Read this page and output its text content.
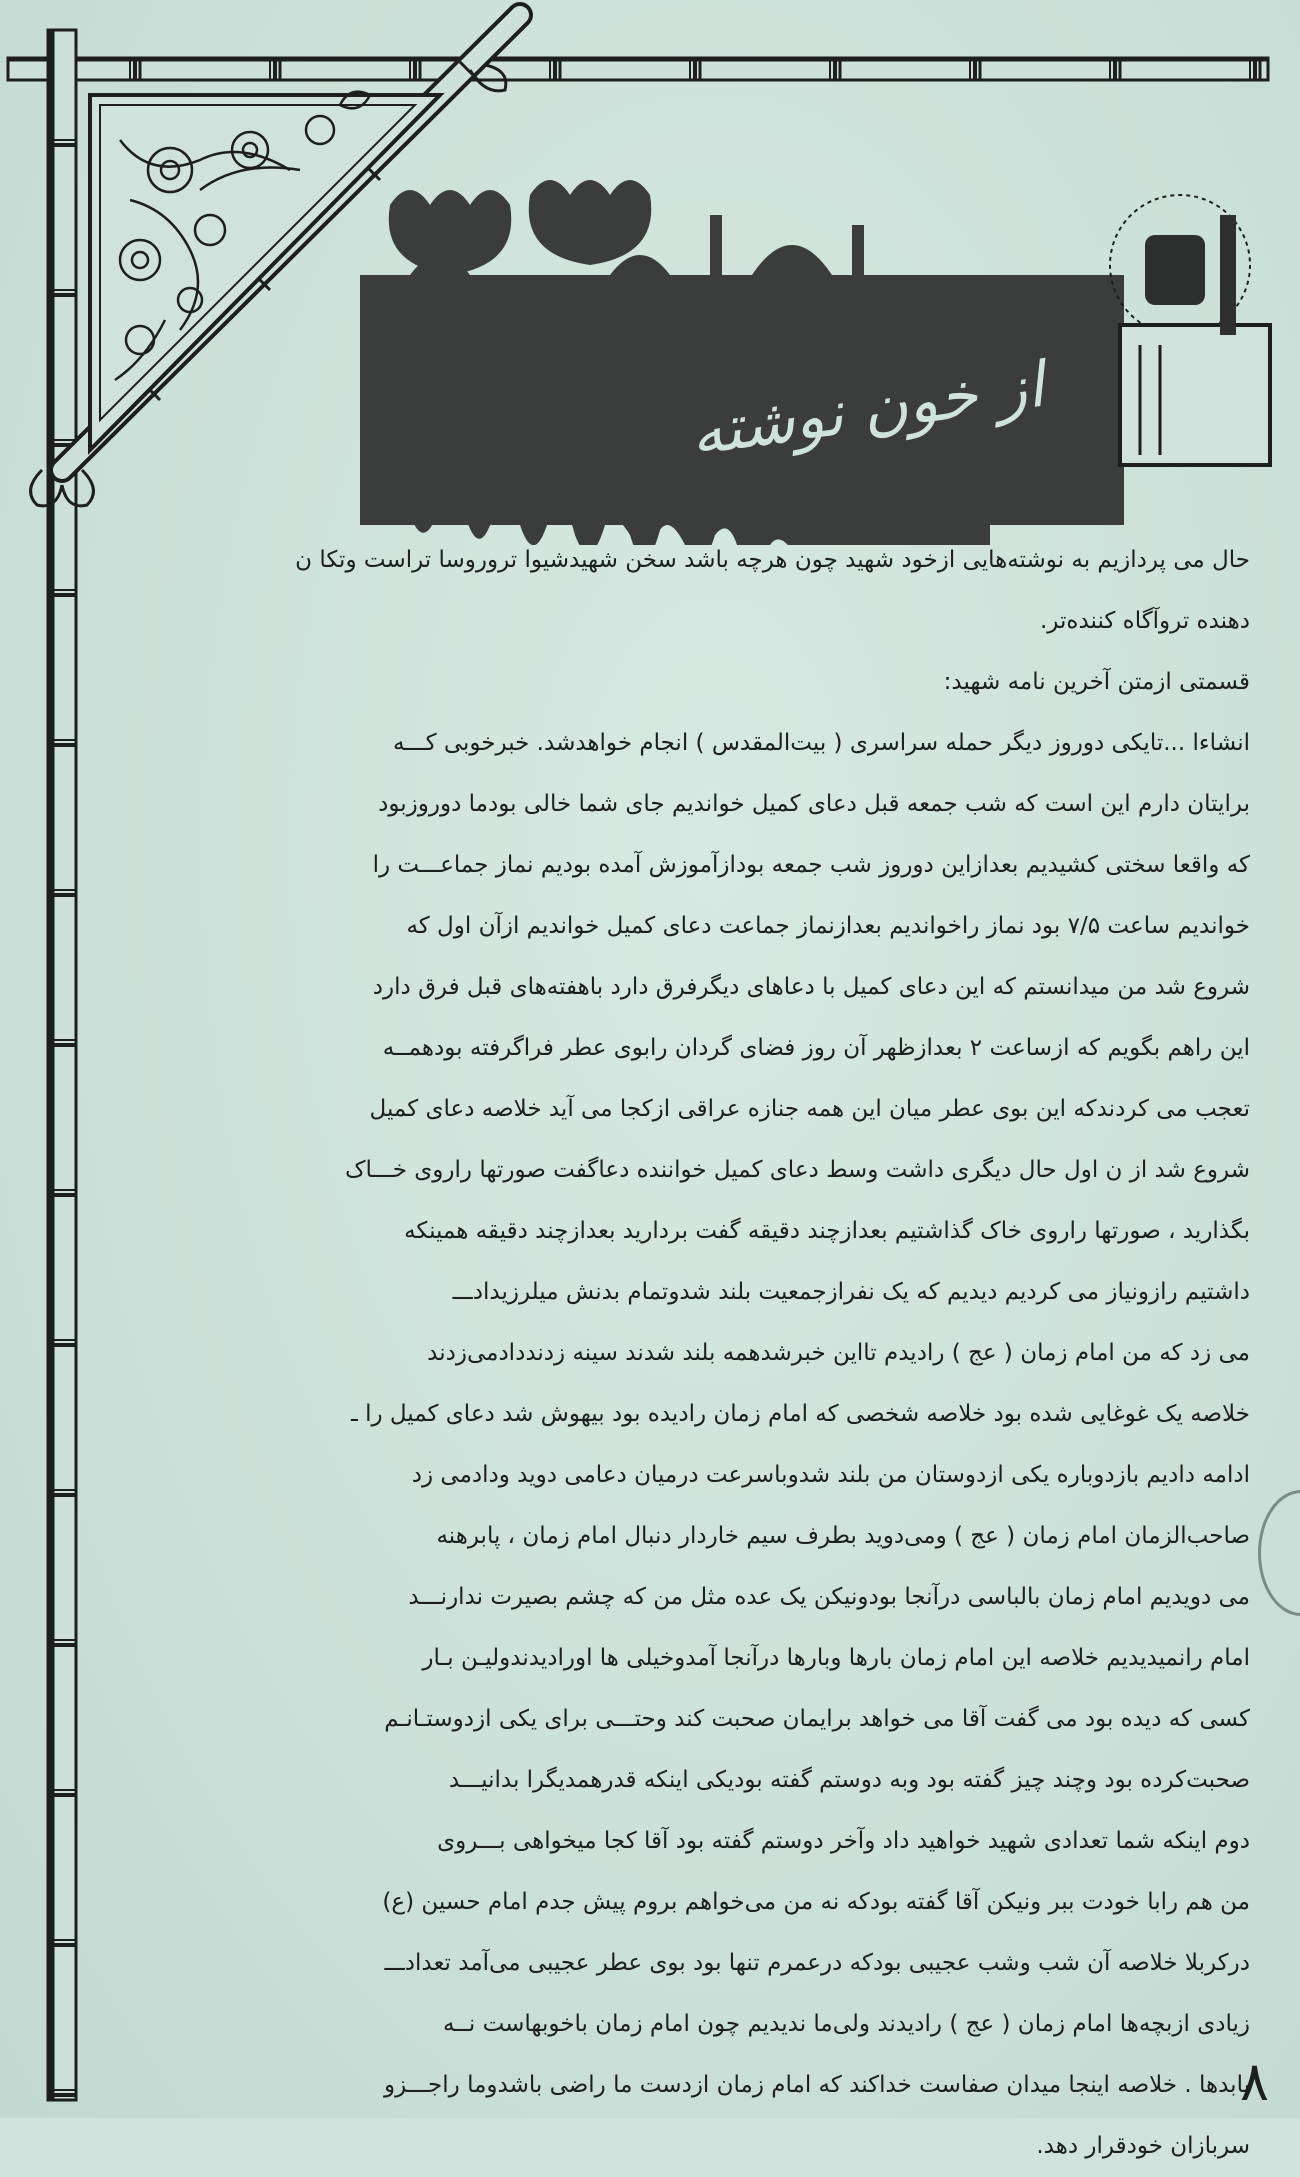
از خون نوشته
حال می پردازیم به نوشته‌هایی ازخود شهید چون هرچه باشد سخن شهیدشیوا تروروسا تراست وتکا ن
دهنده تروآگاه کننده‌تر.
قسمتی ازمتن آخرین نامه شهید:
انشاء‌ا ...تایکی دوروز دیگر حمله سراسری ( بیت‌المقدس ) انجام خواهدشد. خبرخوبی کـــه
برایتان دارم این است که شب جمعه قبل دعای کمیل خواندیم جای شما خالی بودما دوروزبود
که واقعا سختی کشیدیم بعدازاین دوروز شب جمعه بودازآموزش آمده بودیم نماز جماعـــت را
خواندیم ساعت ۷/۵ بود نماز راخواندیم بعدازنماز جماعت دعای کمیل خواندیم ازآن اول که
شروع شد من میدانستم که این دعای کمیل با دعاهای دیگرفرق دارد باهفته‌های قبل فرق دارد
این راهم بگویم که ازساعت ۲ بعدازظهر آن روز فضای گردان رابوی عطر فراگرفته بودهمــه
تعجب می کردندکه این بوی عطر میان این همه جنازه عراقی ازکجا می آید خلاصه دعای کمیل
شروع شد از ن اول حال دیگری داشت وسط دعای کمیل خواننده دعاگفت صورتها راروی خـــاک
بگذارید ، صورتها راروی خاک گذاشتیم بعدازچند دقیقه گفت بردارید بعدازچند دقیقه همینکه
داشتیم رازونیاز می کردیم دیدیم که یک نفرازجمعیت بلند شدوتمام بدنش میلرزیدادـــ
می زد که من امام زمان ( عج ) رادیدم تااین خبرشدهمه بلند شدند سینه زدنددادمی‌زدند
خلاصه یک غوغایی شده بود خلاصه شخصی که امام زمان رادیده بود بیهوش شد دعای کمیل را ـ
ادامه دادیم بازدوباره یکی ازدوستان من بلند شدوباسرعت درمیان دعامی دوید ودادمی زد
صاحب‌الزمان امام زمان ( عج ) ومی‌دوید بطرف سیم خاردار دنبال امام زمان ، پابرهنه
می دویدیم امام زمان بالباسی درآنجا بودونیکن یک عده مثل من که چشم بصیرت ندارنـــد
امام رانمیدیدیم خلاصه این امام زمان بارها وبارها درآنجا آمدوخیلی ها اورادیدندولیـن بـار
کسی که دیده بود می گفت آقا می خواهد برایمان صحبت کند وحتـــی برای یکی ازدوستـانـم
صحبت‌کرده بود وچند چیز گفته بود وبه دوستم گفته بودیکی اینکه قدرهمدیگرا بدانیـــد
دوم اینکه شما تعدادی شهید خواهید داد وآخر دوستم گفته بود آقا کجا میخواهی بـــروی
من هم رابا خودت ببر ونیکن آقا گفته بودکه نه من می‌خواهم بروم پیش جدم امام حسین (ع)
درکربلا خلاصه آن شب وشب عجیبی بودکه درعمرم تنها بود بوی عطر عجیبی می‌آمد تعدادـــ
زیادی ازبچه‌ها امام زمان ( عج ) رادیدند ولی‌ما ندیدیم چون امام زمان باخوبهاست نــه
بابدها . خلاصه اینجا میدان صفاست خداکند که امام زمان ازدست ما راضی باشدوما راجـــزو
سربازان خودقرار دهد.
۸
